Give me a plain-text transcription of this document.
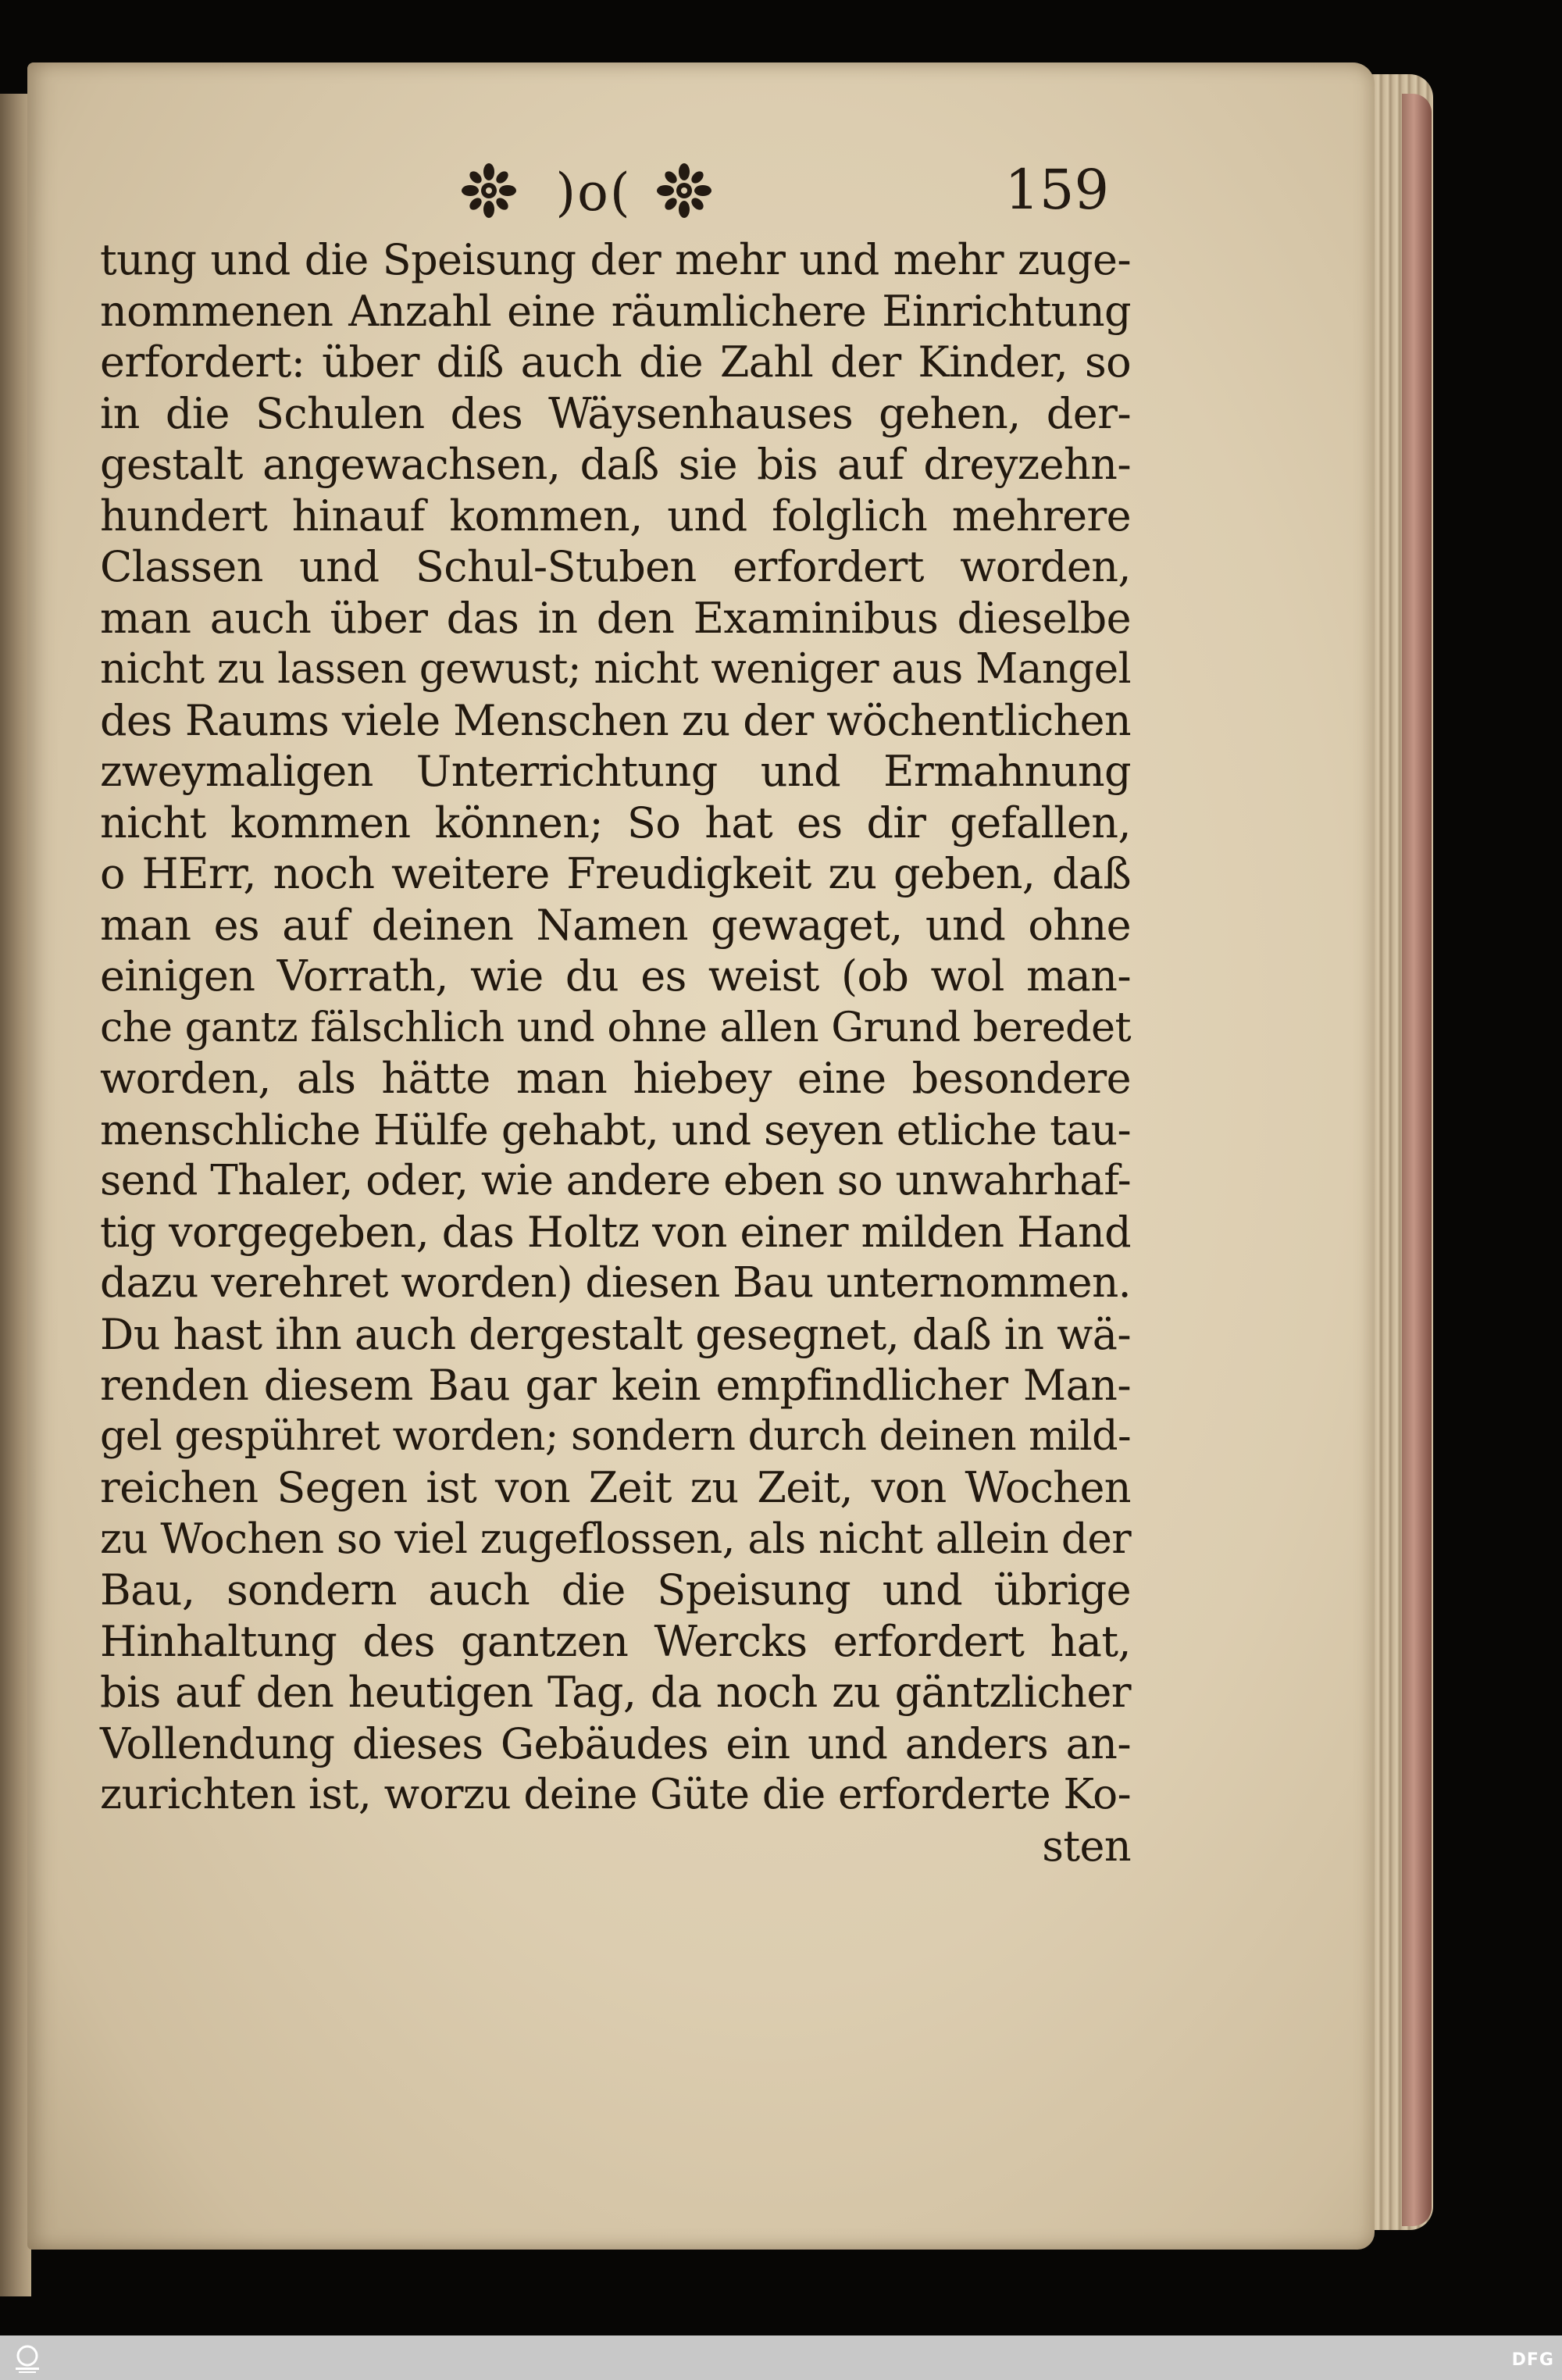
)o(	159
tung und die Speisung der mehr und mehr zuge-
nommenen Anzahl eine räumlichere Einrichtung
erfordert: über diß auch die Zahl der Kinder, so
in die Schulen des Wäysenhauses gehen, der-
gestalt angewachsen, daß sie bis auf dreyzehn-
hundert hinauf kommen, und folglich mehrere
Classen und Schul-Stuben erfordert worden,
man auch über das in den Examinibus dieselbe
nicht zu lassen gewust; nicht weniger aus Mangel
des Raums viele Menschen zu der wöchentlichen
zweymaligen Unterrichtung und Ermahnung
nicht kommen können; So hat es dir gefallen,
o HErr, noch weitere Freudigkeit zu geben, daß
man es auf deinen Namen gewaget, und ohne
einigen Vorrath, wie du es weist (ob wol man-
che gantz fälschlich und ohne allen Grund beredet
worden, als hätte man hiebey eine besondere
menschliche Hülfe gehabt, und seyen etliche tau-
send Thaler, oder, wie andere eben so unwahrhaf-
tig vorgegeben, das Holtz von einer milden Hand
dazu verehret worden) diesen Bau unternommen.
Du hast ihn auch dergestalt gesegnet, daß in wä-
renden diesem Bau gar kein empfindlicher Man-
gel gespühret worden; sondern durch deinen mild-
reichen Segen ist von Zeit zu Zeit, von Wochen
zu Wochen so viel zugeflossen, als nicht allein der
Bau, sondern auch die Speisung und übrige
Hinhaltung des gantzen Wercks erfordert hat,
bis auf den heutigen Tag, da noch zu gäntzlicher
Vollendung dieses Gebäudes ein und anders an-
zurichten ist, worzu deine Güte die erforderte Ko-
sten
DFG
